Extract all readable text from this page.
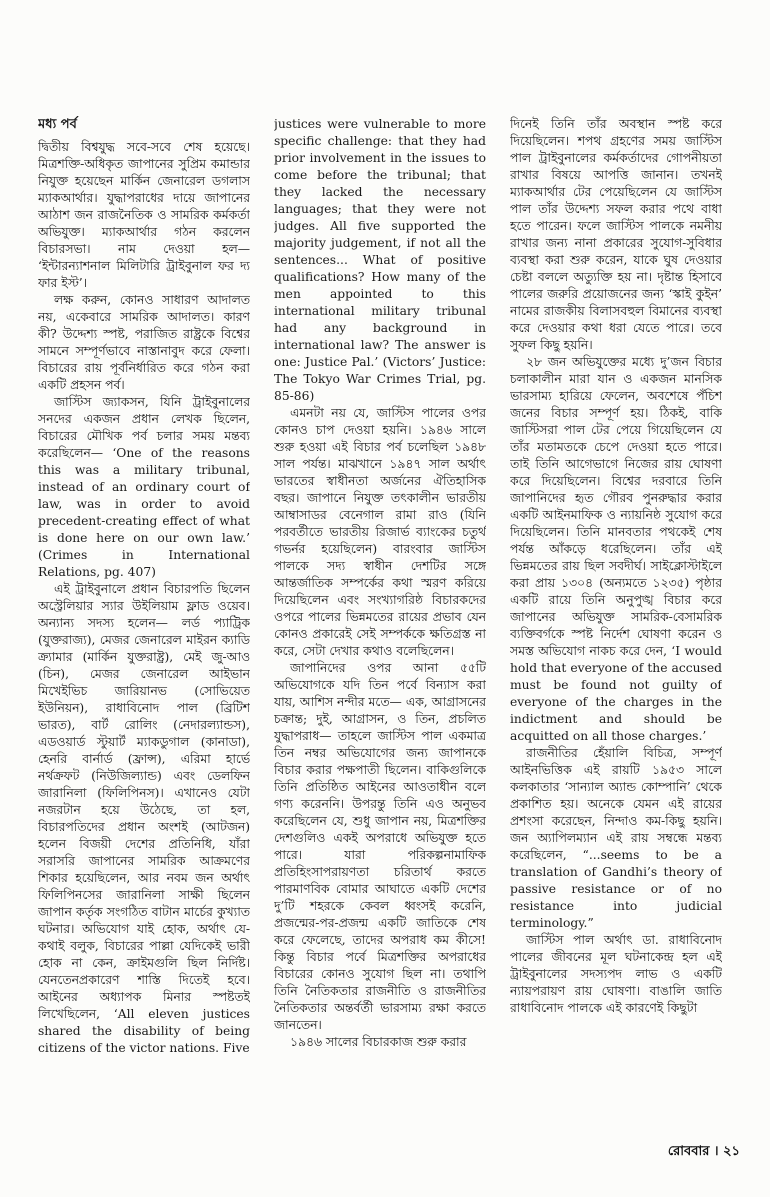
মধ্য পর্ব

দ্বিতীয় বিশ্বযুদ্ধ সবে-সবে শেষ হয়েছে। মিত্রশক্তি-অধিকৃত জাপানের সুপ্রিম কমান্ডার নিযুক্ত হয়েছেন মার্কিন জেনারেল ডগলাস ম্যাকআর্থার। যুদ্ধাপরাধের দায়ে জাপানের আঠাশ জন রাজনৈতিক ও সামরিক কর্মকর্তা অভিযুক্ত। ম্যাকআর্থার গঠন করলেন বিচারসভা। নাম দেওয়া হল— ‘ইন্টারন্যাশনাল মিলিটারি ট্রাইবুনাল ফর দ্য ফার ইস্ট’।

লক্ষ করুন, কোনও সাধারণ আদালত নয়, একেবারে সামরিক আদালত। কারণ কী? উদ্দেশ্য স্পষ্ট, পরাজিত রাষ্ট্রকে বিশ্বের সামনে সম্পূর্ণভাবে নাস্তানাবুদ করে ফেলা। বিচারের রায় পূর্বনির্ধারিত করে গঠন করা একটি প্রহসন পর্ব।

জাস্টিস জ্যাকসন, যিনি ট্রাইবুনালের সনদের একজন প্রধান লেখক ছিলেন, বিচারের মৌখিক পর্ব চলার সময় মন্তব্য করেছিলেন— ‘One of the reasons this was a military tribunal, instead of an ordinary court of law, was in order to avoid precedent-creating effect of what is done here on our own law.’ (Crimes in International Relations, pg. 407)

এই ট্রাইবুনালে প্রধান বিচারপতি ছিলেন অস্ট্রেলিয়ার স্যার উইলিয়াম ফ্লাড ওয়েব। অন্যান্য সদস্য হলেন— লর্ড প্যাট্রিক (যুক্তরাজ্য), মেজর জেনারেল মাইরন ক্যাডি ক্র্যামার (মার্কিন যুক্তরাষ্ট্র), মেই জু-আও (চিন), মেজর জেনারেল আইভান মিখেইভিচ জারিয়ানভ (সোভিয়েত ইউনিয়ন), রাধাবিনোদ পাল (ব্রিটিশ ভারত), বার্ট রোলিং (নেদারল্যান্ডস), এডওয়ার্ড স্টুয়ার্ট ম্যাকডুগাল (কানাডা), হেনরি বার্নার্ড (ফ্রান্স), এরিমা হার্ভে নর্থক্রফট (নিউজিল্যান্ড) এবং ডেলফিন জারানিলা (ফিলিপিনস)। এখানেও যেটা নজরটান হয়ে উঠেছে, তা হল, বিচারপতিদের প্রধান অংশই (আটজন) হলেন বিজয়ী দেশের প্রতিনিধি, যাঁরা সরাসরি জাপানের সামরিক আক্রমণের শিকার হয়েছিলেন, আর নবম জন অর্থাৎ ফিলিপিনসের জারানিলা সাক্ষী ছিলেন জাপান কর্তৃক সংগঠিত বাটান মার্চের কুখ্যাত ঘটনার। অভিযোগ যাই হোক, অর্থাৎ যে-কথাই বলুক, বিচারের পাল্লা যেদিকেই ভারী হোক না কেন, ক্রাইমগুলি ছিল নির্দিষ্ট। যেনতেনপ্রকারেণ শাস্তি দিতেই হবে। আইনের অধ্যাপক মিনার স্পষ্টতই লিখেছিলেন, ‘All eleven justices shared the disability of being citizens of the victor nations. Five

justices were vulnerable to more specific challenge: that they had prior involvement in the issues to come before the tribunal; that they lacked the necessary languages; that they were not judges. All five supported the majority judgement, if not all the sentences... What of positive qualifications? How many of the men appointed to this international military tribunal had any background in international law? The answer is one: Justice Pal.’ (Victors’ Justice: The Tokyo War Crimes Trial, pg. 85-86)

এমনটা নয় যে, জাস্টিস পালের ওপর কোনও চাপ দেওয়া হয়নি। ১৯৪৬ সালে শুরু হওয়া এই বিচার পর্ব চলেছিল ১৯৪৮ সাল পর্যন্ত। মাঝখানে ১৯৪৭ সাল অর্থাৎ ভারতের স্বাধীনতা অর্জনের ঐতিহাসিক বছর। জাপানে নিযুক্ত তৎকালীন ভারতীয় আম্বাসাডর বেনেগাল রামা রাও (যিনি পরবর্তীতে ভারতীয় রিজার্ভ ব্যাংকের চতুর্থ গভর্নর হয়েছিলেন) বারংবার জাস্টিস পালকে সদ্য স্বাধীন দেশটির সঙ্গে আন্তর্জাতিক সম্পর্কের কথা স্মরণ করিয়ে দিয়েছিলেন এবং সংখ্যাগরিষ্ঠ বিচারকদের ওপরে পালের ভিন্নমতের রায়ের প্রভাব যেন কোনও প্রকারেই সেই সম্পর্ককে ক্ষতিগ্রস্ত না করে, সেটা দেখার কথাও বলেছিলেন।

জাপানিদের ওপর আনা ৫৫টি অভিযোগকে যদি তিন পর্বে বিন্যাস করা যায়, আশিস নন্দীর মতে— এক, আগ্রাসনের চক্রান্ত; দুই, আগ্রাসন, ও তিন, প্রচলিত যুদ্ধাপরাধ— তাহলে জাস্টিস পাল একমাত্র তিন নম্বর অভিযোগের জন্য জাপানকে বিচার করার পক্ষপাতী ছিলেন। বাকিগুলিকে তিনি প্রতিষ্ঠিত আইনের আওতাধীন বলে গণ্য করেননি। উপরন্তু তিনি এও অনুভব করেছিলেন যে, শুধু জাপান নয়, মিত্রশক্তির দেশগুলিও একই অপরাধে অভিযুক্ত হতে পারে। যারা পরিকল্পনামাফিক প্রতিহিংসাপরায়ণতা চরিতার্থ করতে পারমাণবিক বোমার আঘাতে একটি দেশের দু’টি শহরকে কেবল ধ্বংসই করেনি, প্রজন্মের-পর-প্রজন্ম একটি জাতিকে শেষ করে ফেলেছে, তাদের অপরাধ কম কীসে! কিন্তু বিচার পর্বে মিত্রশক্তির অপরাধের বিচারের কোনও সুযোগ ছিল না। তথাপি তিনি নৈতিকতার রাজনীতি ও রাজনীতির নৈতিকতার অন্তর্বর্তী ভারসাম্য রক্ষা করতে জানতেন।

১৯৪৬ সালের বিচারকাজ শুরু করার

দিনেই তিনি তাঁর অবস্থান স্পষ্ট করে দিয়েছিলেন। শপথ গ্রহণের সময় জাস্টিস পাল ট্রাইবুনালের কর্মকর্তাদের গোপনীয়তা রাখার বিষয়ে আপত্তি জানান। তখনই ম্যাকআর্থার টের পেয়েছিলেন যে জাস্টিস পাল তাঁর উদ্দেশ্য সফল করার পথে বাধা হতে পারেন। ফলে জাস্টিস পালকে নমনীয় রাখার জন্য নানা প্রকারের সুযোগ-সুবিধার ব্যবস্থা করা শুরু করেন, যাকে ঘুষ দেওয়ার চেষ্টা বললে অত্যুক্তি হয় না। দৃষ্টান্ত হিসাবে পালের জরুরি প্রয়োজনের জন্য ‘স্কাই কুইন’ নামের রাজকীয় বিলাসবহুল বিমানের ব্যবস্থা করে দেওয়ার কথা ধরা যেতে পারে। তবে সুফল কিছু হয়নি।

২৮ জন অভিযুক্তের মধ্যে দু’জন বিচার চলাকালীন মারা যান ও একজন মানসিক ভারসাম্য হারিয়ে ফেলেন, অবশেষে পঁচিশ জনের বিচার সম্পূর্ণ হয়। ঠিকই, বাকি জাস্টিসরা পাল টের পেয়ে গিয়েছিলেন যে তাঁর মতামতকে চেপে দেওয়া হতে পারে। তাই তিনি আগেভাগে নিজের রায় ঘোষণা করে দিয়েছিলেন। বিশ্বের দরবারে তিনি জাপানিদের হৃত গৌরব পুনরুদ্ধার করার একটি আইনমাফিক ও ন্যায়নিষ্ঠ সুযোগ করে দিয়েছিলেন। তিনি মানবতার পথকেই শেষ পর্যন্ত আঁকড়ে ধরেছিলেন। তাঁর এই ভিন্নমতের রায় ছিল সবদীর্ঘ। সাইক্লোস্টাইলে করা প্রায় ১৩০৪ (অন্যমতে ১২৩৫) পৃষ্ঠার একটি রায়ে তিনি অনুপুঙ্খ বিচার করে জাপানের অভিযুক্ত সামরিক-বেসামরিক ব্যক্তিবর্গকে স্পষ্ট নির্দেশ ঘোষণা করেন ও সমস্ত অভিযোগ নাকচ করে দেন, ‘I would hold that everyone of the accused must be found not guilty of everyone of the charges in the indictment and should be acquitted on all those charges.’

রাজনীতির হেঁয়ালি বিচিত্র, সম্পূর্ণ আইনভিত্তিক এই রায়টি ১৯৫৩ সালে কলকাতার ‘সান্যাল অ্যান্ড কোম্পানি’ থেকে প্রকাশিত হয়। অনেকে যেমন এই রায়ের প্রশংসা করেছেন, নিন্দাও কম-কিছু হয়নি। জন অ্যাপিলম্যান এই রায় সম্বন্ধে মন্তব্য করেছিলেন, “...seems to be a translation of Gandhi’s theory of passive resistance or of no resistance into judicial terminology.”

জাস্টিস পাল অর্থাৎ ডা. রাধাবিনোদ পালের জীবনের মূল ঘটনাকেন্দ্র হল এই ট্রাইবুনালের সদস্যপদ লাভ ও একটি ন্যায়পরায়ণ রায় ঘোষণা। বাঙালি জাতি রাধাবিনোদ পালকে এই কারণেই কিছুটা

রোববার । ২১
